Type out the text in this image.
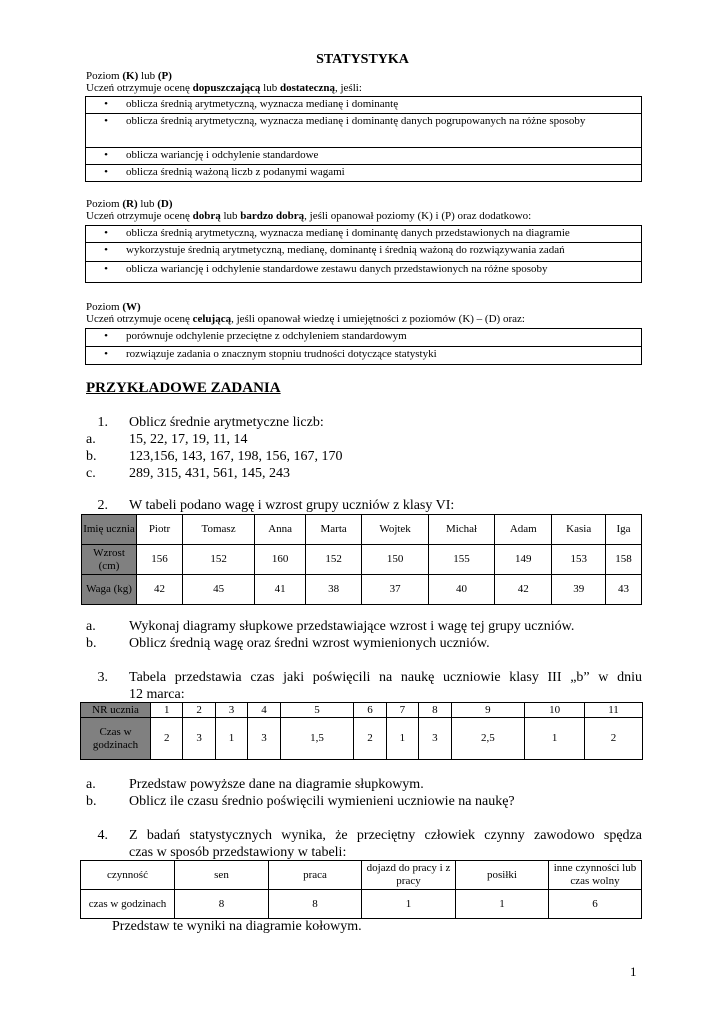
STATYSTYKA
Poziom (K) lub (P)
Uczeń otrzymuje ocenę dopuszczającą lub dostateczną, jeśli:
• oblicza średnią arytmetyczną, wyznacza medianę i dominantę
• oblicza średnią arytmetyczną, wyznacza medianę i dominantę danych pogrupowanych na różne sposoby
• oblicza wariancję i odchylenie standardowe
• oblicza średnią ważoną liczb z podanymi wagami
Poziom (R) lub (D)
Uczeń otrzymuje ocenę dobrą lub bardzo dobrą, jeśli opanował poziomy (K) i (P) oraz dodatkowo:
• oblicza średnią arytmetyczną, wyznacza medianę i dominantę danych przedstawionych na diagramie
• wykorzystuje średnią arytmetyczną, medianę, dominantę i średnią ważoną do rozwiązywania zadań
• oblicza wariancję i odchylenie standardowe zestawu danych przedstawionych na różne sposoby
Poziom (W)
Uczeń otrzymuje ocenę celującą, jeśli opanował wiedzę i umiejętności z poziomów (K) – (D) oraz:
• porównuje odchylenie przeciętne z odchyleniem standardowym
• rozwiązuje zadania o znacznym stopniu trudności dotyczące statystyki
PRZYKŁADOWE ZADANIA
1. Oblicz średnie arytmetyczne liczb:
a. 15, 22, 17, 19, 11, 14
b. 123,156, 143, 167, 198, 156, 167, 170
c. 289, 315, 431, 561, 145, 243
2. W tabeli podano wagę i wzrost grupy uczniów z klasy VI:
Imię ucznia	Piotr	Tomasz	Anna	Marta	Wojtek	Michał	Adam	Kasia	Iga
Wzrost (cm)	156	152	160	152	150	155	149	153	158
Waga (kg)	42	45	41	38	37	40	42	39	43
a. Wykonaj diagramy słupkowe przedstawiające wzrost i wagę tej grupy uczniów.
b. Oblicz średnią wagę oraz średni wzrost wymienionych uczniów.
3. Tabela przedstawia czas jaki poświęcili na naukę uczniowie klasy III „b” w dniu
12 marca:
NR ucznia	1	2	3	4	5	6	7	8	9	10	11
Czas w godzinach	2	3	1	3	1,5	2	1	3	2,5	1	2
a. Przedstaw powyższe dane na diagramie słupkowym.
b. Oblicz ile czasu średnio poświęcili wymienieni uczniowie na naukę?
4. Z badań statystycznych wynika, że przeciętny człowiek czynny zawodowo spędza
czas w sposób przedstawiony w tabeli:
czynność	sen	praca	dojazd do pracy i z pracy	posiłki	inne czynności lub czas wolny
czas w godzinach	8	8	1	1	6
Przedstaw te wyniki na diagramie kołowym.
1
